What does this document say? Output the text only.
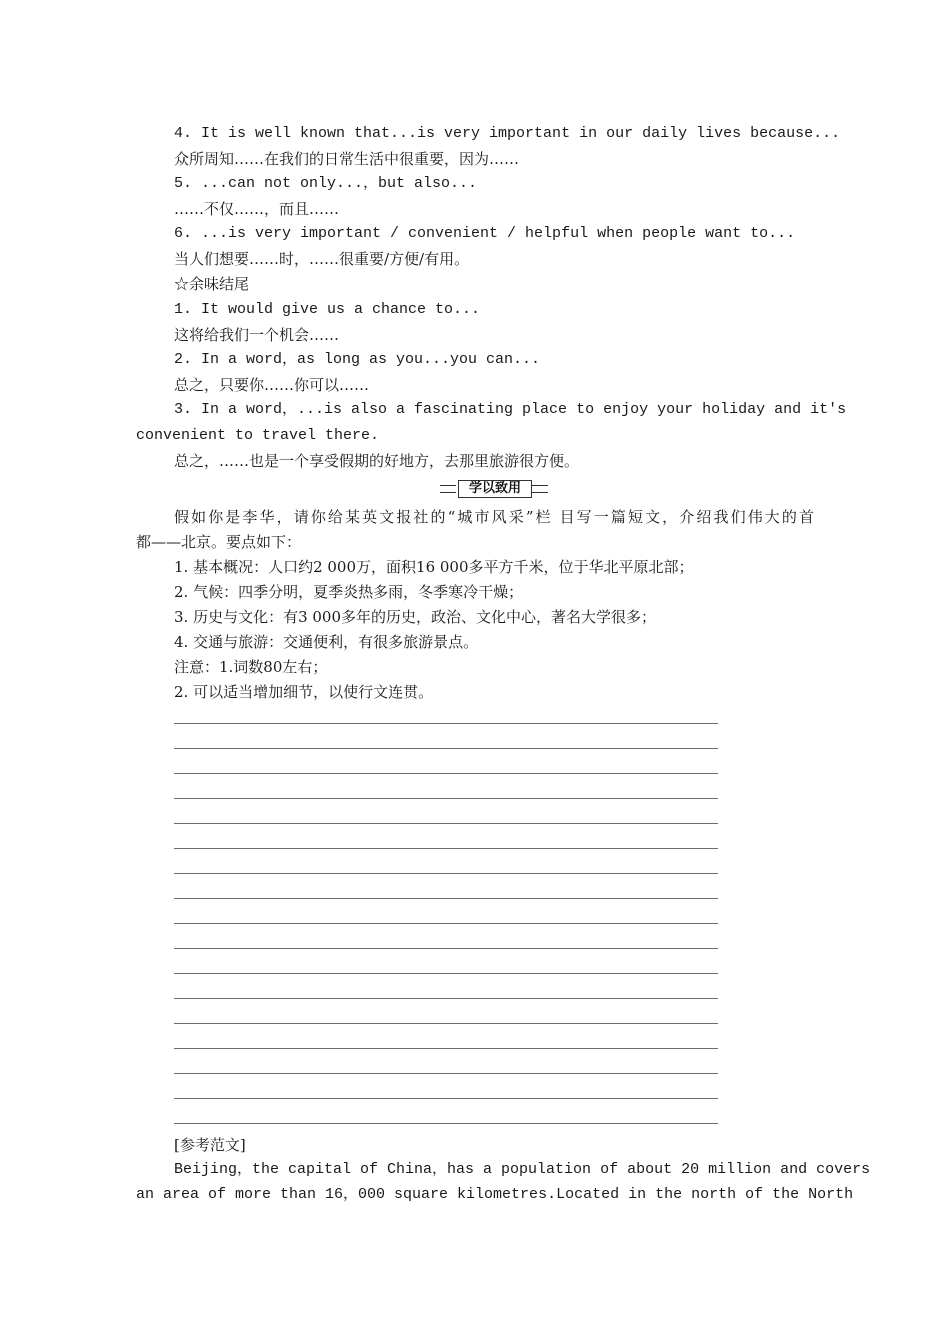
4. It is well known that...is very important in our daily lives because...
众所周知……在我们的日常生活中很重要，因为……
5. ...can not only...，but also...
……不仅……，而且……
6. ...is very important / convenient / helpful when people want to...
当人们想要……时，……很重要/方便/有用。
☆余味结尾
1. It would give us a chance to...
这将给我们一个机会……
2. In a word，as long as you...you can...
总之，只要你……你可以……
3. In a word，...is also a fascinating place to enjoy your holiday and it's
convenient to travel there.
总之，……也是一个享受假期的好地方，去那里旅游很方便。
学以致用
假如你是李华，请你给某英文报社的“城市风采”栏 目写一篇短文，介绍我们伟大的首
都——北京。要点如下：
1. 基本概况：人口约2 000万，面积16 000多平方千米，位于华北平原北部；
2. 气候：四季分明，夏季炎热多雨，冬季寒冷干燥；
3. 历史与文化：有3 000多年的历史，政治、文化中心，著名大学很多；
4. 交通与旅游：交通便利，有很多旅游景点。
注意：1.词数80左右；
2. 可以适当增加细节，以使行文连贯。
[参考范文]
Beijing，the capital of China，has a population of about 20 million and covers
an area of more than 16，000 square kilometres.Located in the north of the North
